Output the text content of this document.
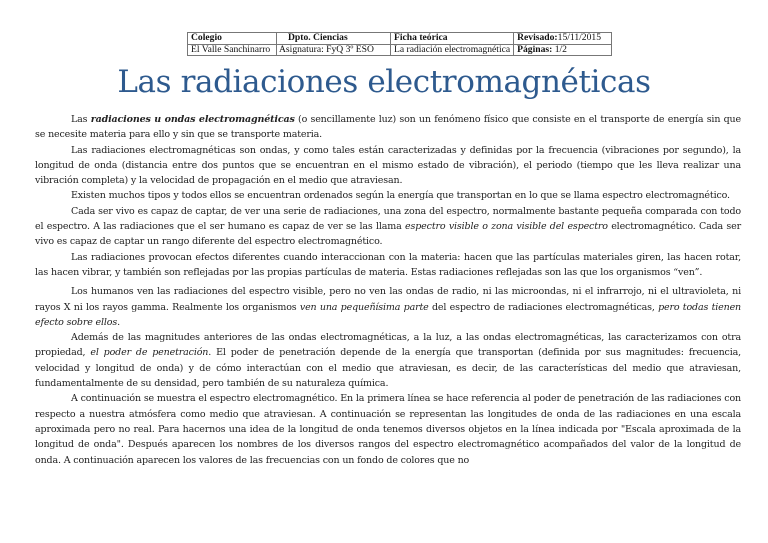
Colegio	Dpto. Ciencias	Ficha teórica	Revisado:15/11/2015
El Valle Sanchinarro	Asignatura: FyQ 3º ESO	La radiación electromagnética	Páginas: 1/2
Las radiaciones electromagnéticas

Las radiaciones u ondas electromagnéticas (o sencillamente luz) son un fenómeno físico que consiste en el transporte de energía sin que se necesite materia para ello y sin que se transporte materia.

Las radiaciones electromagnéticas son ondas, y como tales están caracterizadas y definidas por la frecuencia (vibraciones por segundo), la longitud de onda (distancia entre dos puntos que se encuentran en el mismo estado de vibración), el periodo (tiempo que les lleva realizar una vibración completa) y la velocidad de propagación en el medio que atraviesan.

Existen muchos tipos y todos ellos se encuentran ordenados según la energía que transportan en lo que se llama espectro electromagnético.

Cada ser vivo es capaz de captar, de ver una serie de radiaciones, una zona del espectro, normalmente bastante pequeña comparada con todo el espectro. A las radiaciones que el ser humano es capaz de ver se las llama espectro visible o zona visible del espectro electromagnético. Cada ser vivo es capaz de captar un rango diferente del espectro electromagnético.

Las radiaciones provocan efectos diferentes cuando interaccionan con la materia: hacen que las partículas materiales giren, las hacen rotar, las hacen vibrar, y también son reflejadas por las propias partículas de materia. Estas radiaciones reflejadas son las que los organismos “ven”.

Los humanos ven las radiaciones del espectro visible, pero no ven las ondas de radio, ni las microondas, ni el infrarrojo, ni el ultravioleta, ni rayos X ni los rayos gamma. Realmente los organismos ven una pequeñísima parte del espectro de radiaciones electromagnéticas, pero todas tienen efecto sobre ellos.

Además de las magnitudes anteriores de las ondas electromagnéticas, a la luz, a las ondas electromagnéticas, las caracterizamos con otra propiedad, el poder de penetración. El poder de penetración depende de la energía que transportan (definida por sus magnitudes: frecuencia, velocidad y longitud de onda) y de cómo interactúan con el medio que atraviesan, es decir, de las características del medio que atraviesan, fundamentalmente de su densidad, pero también de su naturaleza química.

A continuación se muestra el espectro electromagnético. En la primera línea se hace referencia al poder de penetración de las radiaciones con respecto a nuestra atmósfera como medio que atraviesan. A continuación se representan las longitudes de onda de las radiaciones en una escala aproximada pero no real. Para hacernos una idea de la longitud de onda tenemos diversos objetos en la línea indicada por "Escala aproximada de la longitud de onda". Después aparecen los nombres de los diversos rangos del espectro electromagnético acompañados del valor de la longitud de onda. A continuación aparecen los valores de las frecuencias con un fondo de colores que no
